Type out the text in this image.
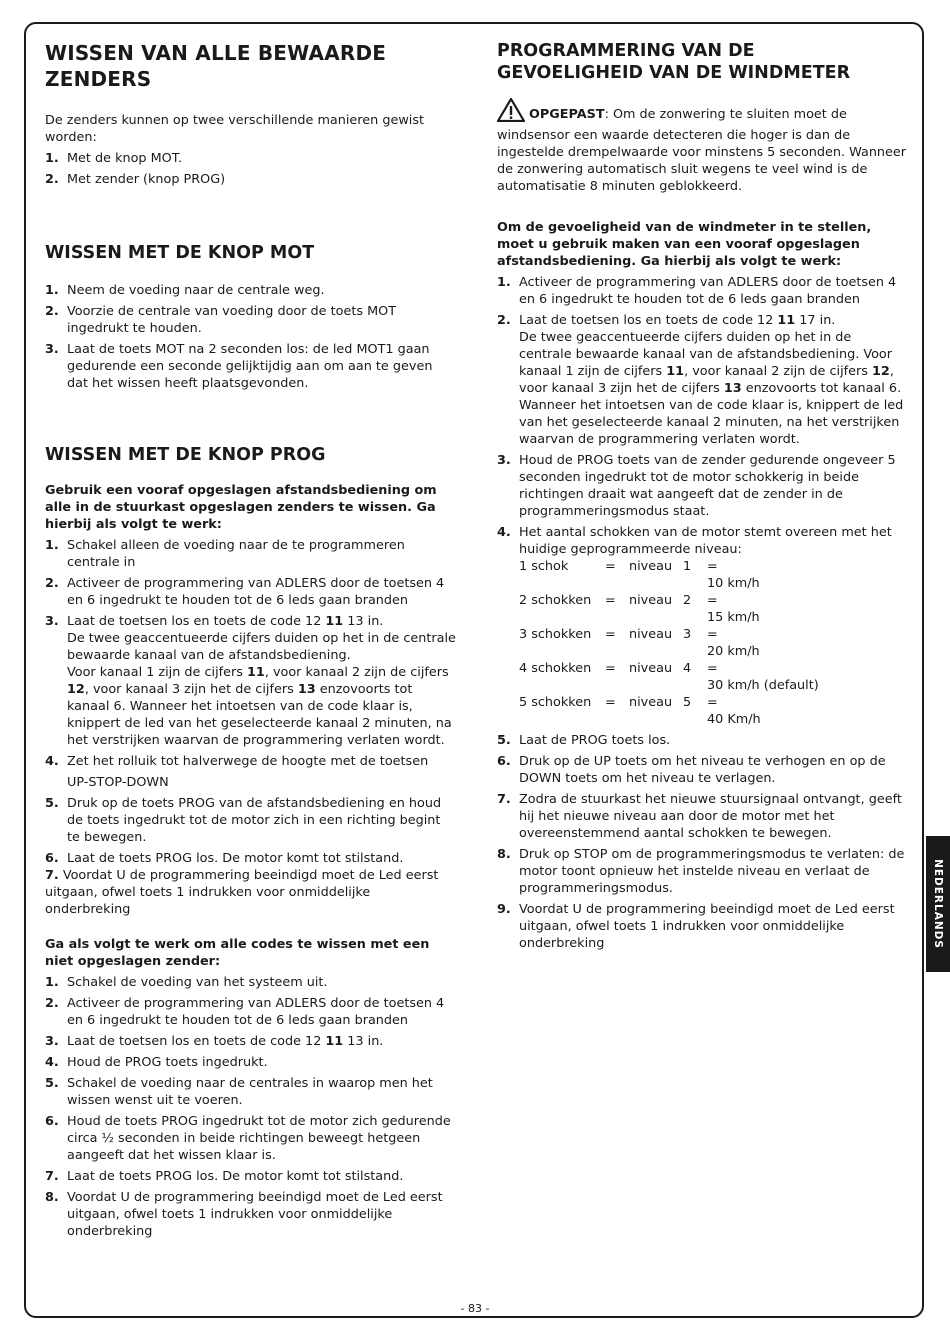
WISSEN VAN ALLE BEWAARDE ZENDERS

De zenders kunnen op twee verschillende manieren gewist worden:

1. Met de knop MOT.
2. Met zender (knop PROG)
WISSEN MET DE KNOP MOT
1. Neem de voeding naar de centrale weg.
2. Voorzie de centrale van voeding door de toets MOT ingedrukt te houden.
3. Laat de toets MOT na 2 seconden los: de led MOT1 gaan gedurende een seconde gelijktijdig aan om aan te geven dat het wissen heeft plaatsgevonden.
WISSEN MET DE KNOP PROG

Gebruik een vooraf opgeslagen afstandsbediening om alle in de stuurkast opgeslagen zenders te wissen. Ga hierbij als volgt te werk:

1. Schakel alleen de voeding naar de te programmeren centrale in
2. Activeer de programmering van ADLERS door de toetsen 4 en 6 ingedrukt te houden tot de 6 leds gaan branden
3. Laat de toetsen los en toets de code 12 11 13 in.
De twee geaccentueerde cijfers duiden op het in de centrale bewaarde kanaal van de afstandsbediening.
Voor kanaal 1 zijn de cijfers 11, voor kanaal 2 zijn de cijfers 12, voor kanaal 3 zijn het de cijfers 13 enzovoorts tot kanaal 6. Wanneer het intoetsen van de code klaar is, knippert de led van het geselecteerde kanaal 2 minuten, na het verstrijken waarvan de programmering verlaten wordt.
4. Zet het rolluik tot halverwege de hoogte met de toetsen
UP-STOP-DOWN
5. Druk op de toets PROG van de afstandsbediening en houd de toets ingedrukt tot de motor zich in een richting begint te bewegen.
6. Laat de toets PROG los. De motor komt tot stilstand.

7. Voordat U de programmering beeindigd moet de Led eerst uitgaan, ofwel toets 1 indrukken voor onmiddelijke onderbreking

Ga als volgt te werk om alle codes te wissen met een niet opgeslagen zender:

1. Schakel de voeding van het systeem uit.
2. Activeer de programmering van ADLERS door de toetsen 4 en 6 ingedrukt te houden tot de 6 leds gaan branden
3. Laat de toetsen los en toets de code 12 11 13 in.
4. Houd de PROG toets ingedrukt.
5. Schakel de voeding naar de centrales in waarop men het wissen wenst uit te voeren.
6. Houd de toets PROG ingedrukt tot de motor zich gedurende circa ½ seconden in beide richtingen beweegt hetgeen aangeeft dat het wissen klaar is.
7. Laat de toets PROG los. De motor komt tot stilstand.
8. Voordat U de programmering beeindigd moet de Led eerst uitgaan, ofwel toets 1 indrukken voor onmiddelijke onderbreking
PROGRAMMERING VAN DE GEVOELIGHEID VAN DE WINDMETER

OPGEPAST: Om de zonwering te sluiten moet de windsensor een waarde detecteren die hoger is dan de ingestelde drempelwaarde voor minstens 5 seconden. Wanneer de zonwering automatisch sluit wegens te veel wind is de automatisatie 8 minuten geblokkeerd.

Om de gevoeligheid van de windmeter in te stellen, moet u gebruik maken van een vooraf opgeslagen afstandsbediening. Ga hierbij als volgt te werk:

1. Activeer de programmering van ADLERS door de toetsen 4 en 6 ingedrukt te houden tot de 6 leds gaan branden
2. Laat de toetsen los en toets de code 12 11 17 in.
De twee geaccentueerde cijfers duiden op het in de centrale bewaarde kanaal van de afstandsbediening. Voor kanaal 1 zijn de cijfers 11, voor kanaal 2 zijn de cijfers 12, voor kanaal 3 zijn het de cijfers 13 enzovoorts tot kanaal 6.
Wanneer het intoetsen van de code klaar is, knippert de led van het geselecteerde kanaal 2 minuten, na het verstrijken waarvan de programmering verlaten wordt.
3. Houd de PROG toets van de zender gedurende ongeveer 5 seconden ingedrukt tot de motor schokkerig in beide richtingen draait wat aangeeft dat de zender in de programmeringsmodus staat.
4. Het aantal schokken van de motor stemt overeen met het huidige geprogrammeerde niveau:
1 schok	=	niveau 1	=10 km/h

2 schokken	=	niveau 2	=15 km/h

3 schokken	=	niveau 3	=20 km/h

4 schokken	=	niveau 4	=30 km/h (default)

5 schokken	=	niveau 5	=40 Km/h
5. Laat de PROG toets los.
6. Druk op de UP toets om het niveau te verhogen en op de DOWN toets om het niveau te verlagen.
7. Zodra de stuurkast het nieuwe stuursignaal ontvangt, geeft hij het nieuwe niveau aan door de motor met het overeenstemmend aantal schokken te bewegen.
8. Druk op STOP om de programmeringsmodus te verlaten: de motor toont opnieuw het instelde niveau en verlaat de programmeringsmodus.
9. Voordat U de programmering beeindigd moet de Led eerst uitgaan, ofwel toets 1 indrukken voor onmiddelijke onderbreking	NEDERLANDS
- 83 -
